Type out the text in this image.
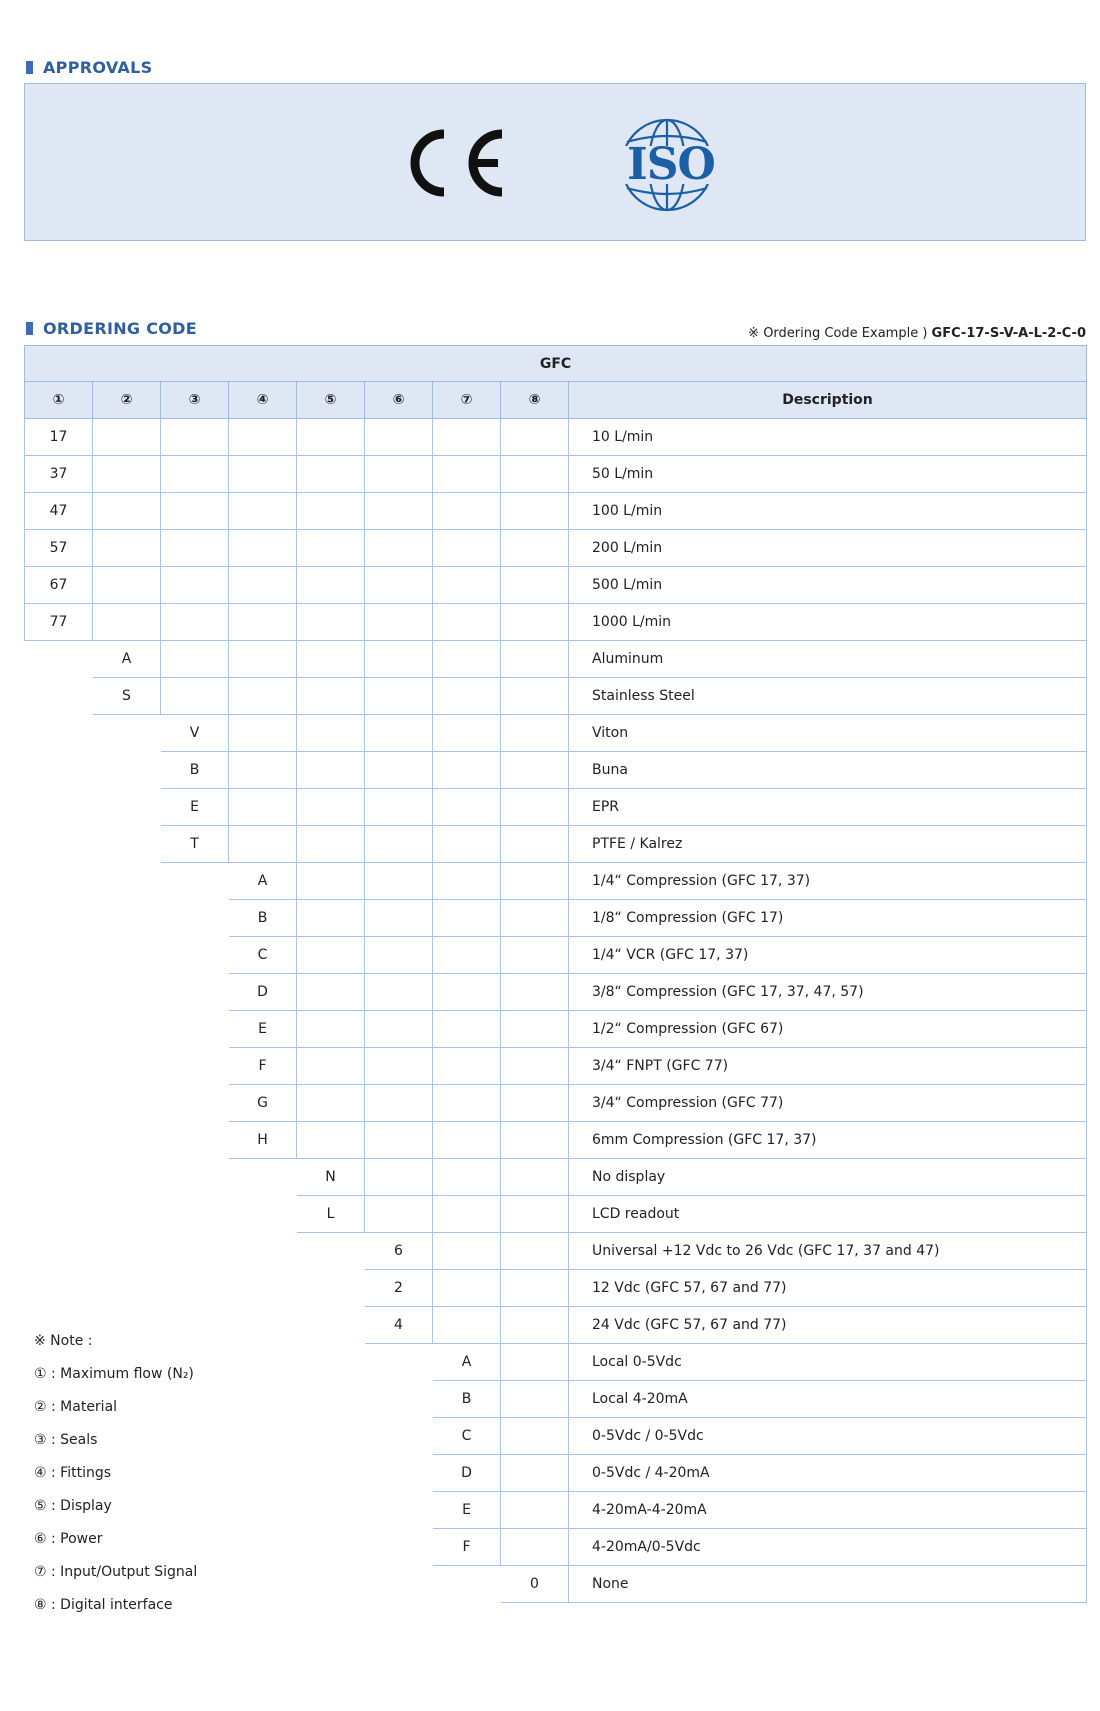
APPROVALS
ISO
ORDERING CODE	※ Ordering Code Example ) GFC-17-S-V-A-L-2-C-0
GFC								
①	②	③	④	⑤	⑥	⑦	⑧	Description
17								10 L/min
37								50 L/min
47								100 L/min
57								200 L/min
67								500 L/min
77								1000 L/min
	A							Aluminum
	S							Stainless Steel
		V						Viton
		B						Buna
		E						EPR
		T						PTFE / Kalrez
			A					1/4“ Compression (GFC 17, 37)
			B					1/8“ Compression (GFC 17)
			C					1/4“ VCR (GFC 17, 37)
			D					3/8“ Compression (GFC 17, 37, 47, 57)
			E					1/2“ Compression (GFC 67)
			F					3/4“ FNPT (GFC 77)
			G					3/4“ Compression (GFC 77)
			H					6mm Compression (GFC 17, 37)
				N				No display
				L				LCD readout
					6			Universal +12 Vdc to 26 Vdc (GFC 17, 37 and 47)
					2			12 Vdc (GFC 57, 67 and 77)
					4			24 Vdc (GFC 57, 67 and 77)
						A		Local 0-5Vdc
						B		Local 4-20mA
						C		0-5Vdc / 0-5Vdc
						D		0-5Vdc / 4-20mA
						E		4-20mA-4-20mA
						F		4-20mA/0-5Vdc
							0	None
※ Note :
① : Maximum flow (N₂)
② : Material
③ : Seals
④ : Fittings
⑤ : Display
⑥ : Power
⑦ : Input/Output Signal
⑧ : Digital interface
